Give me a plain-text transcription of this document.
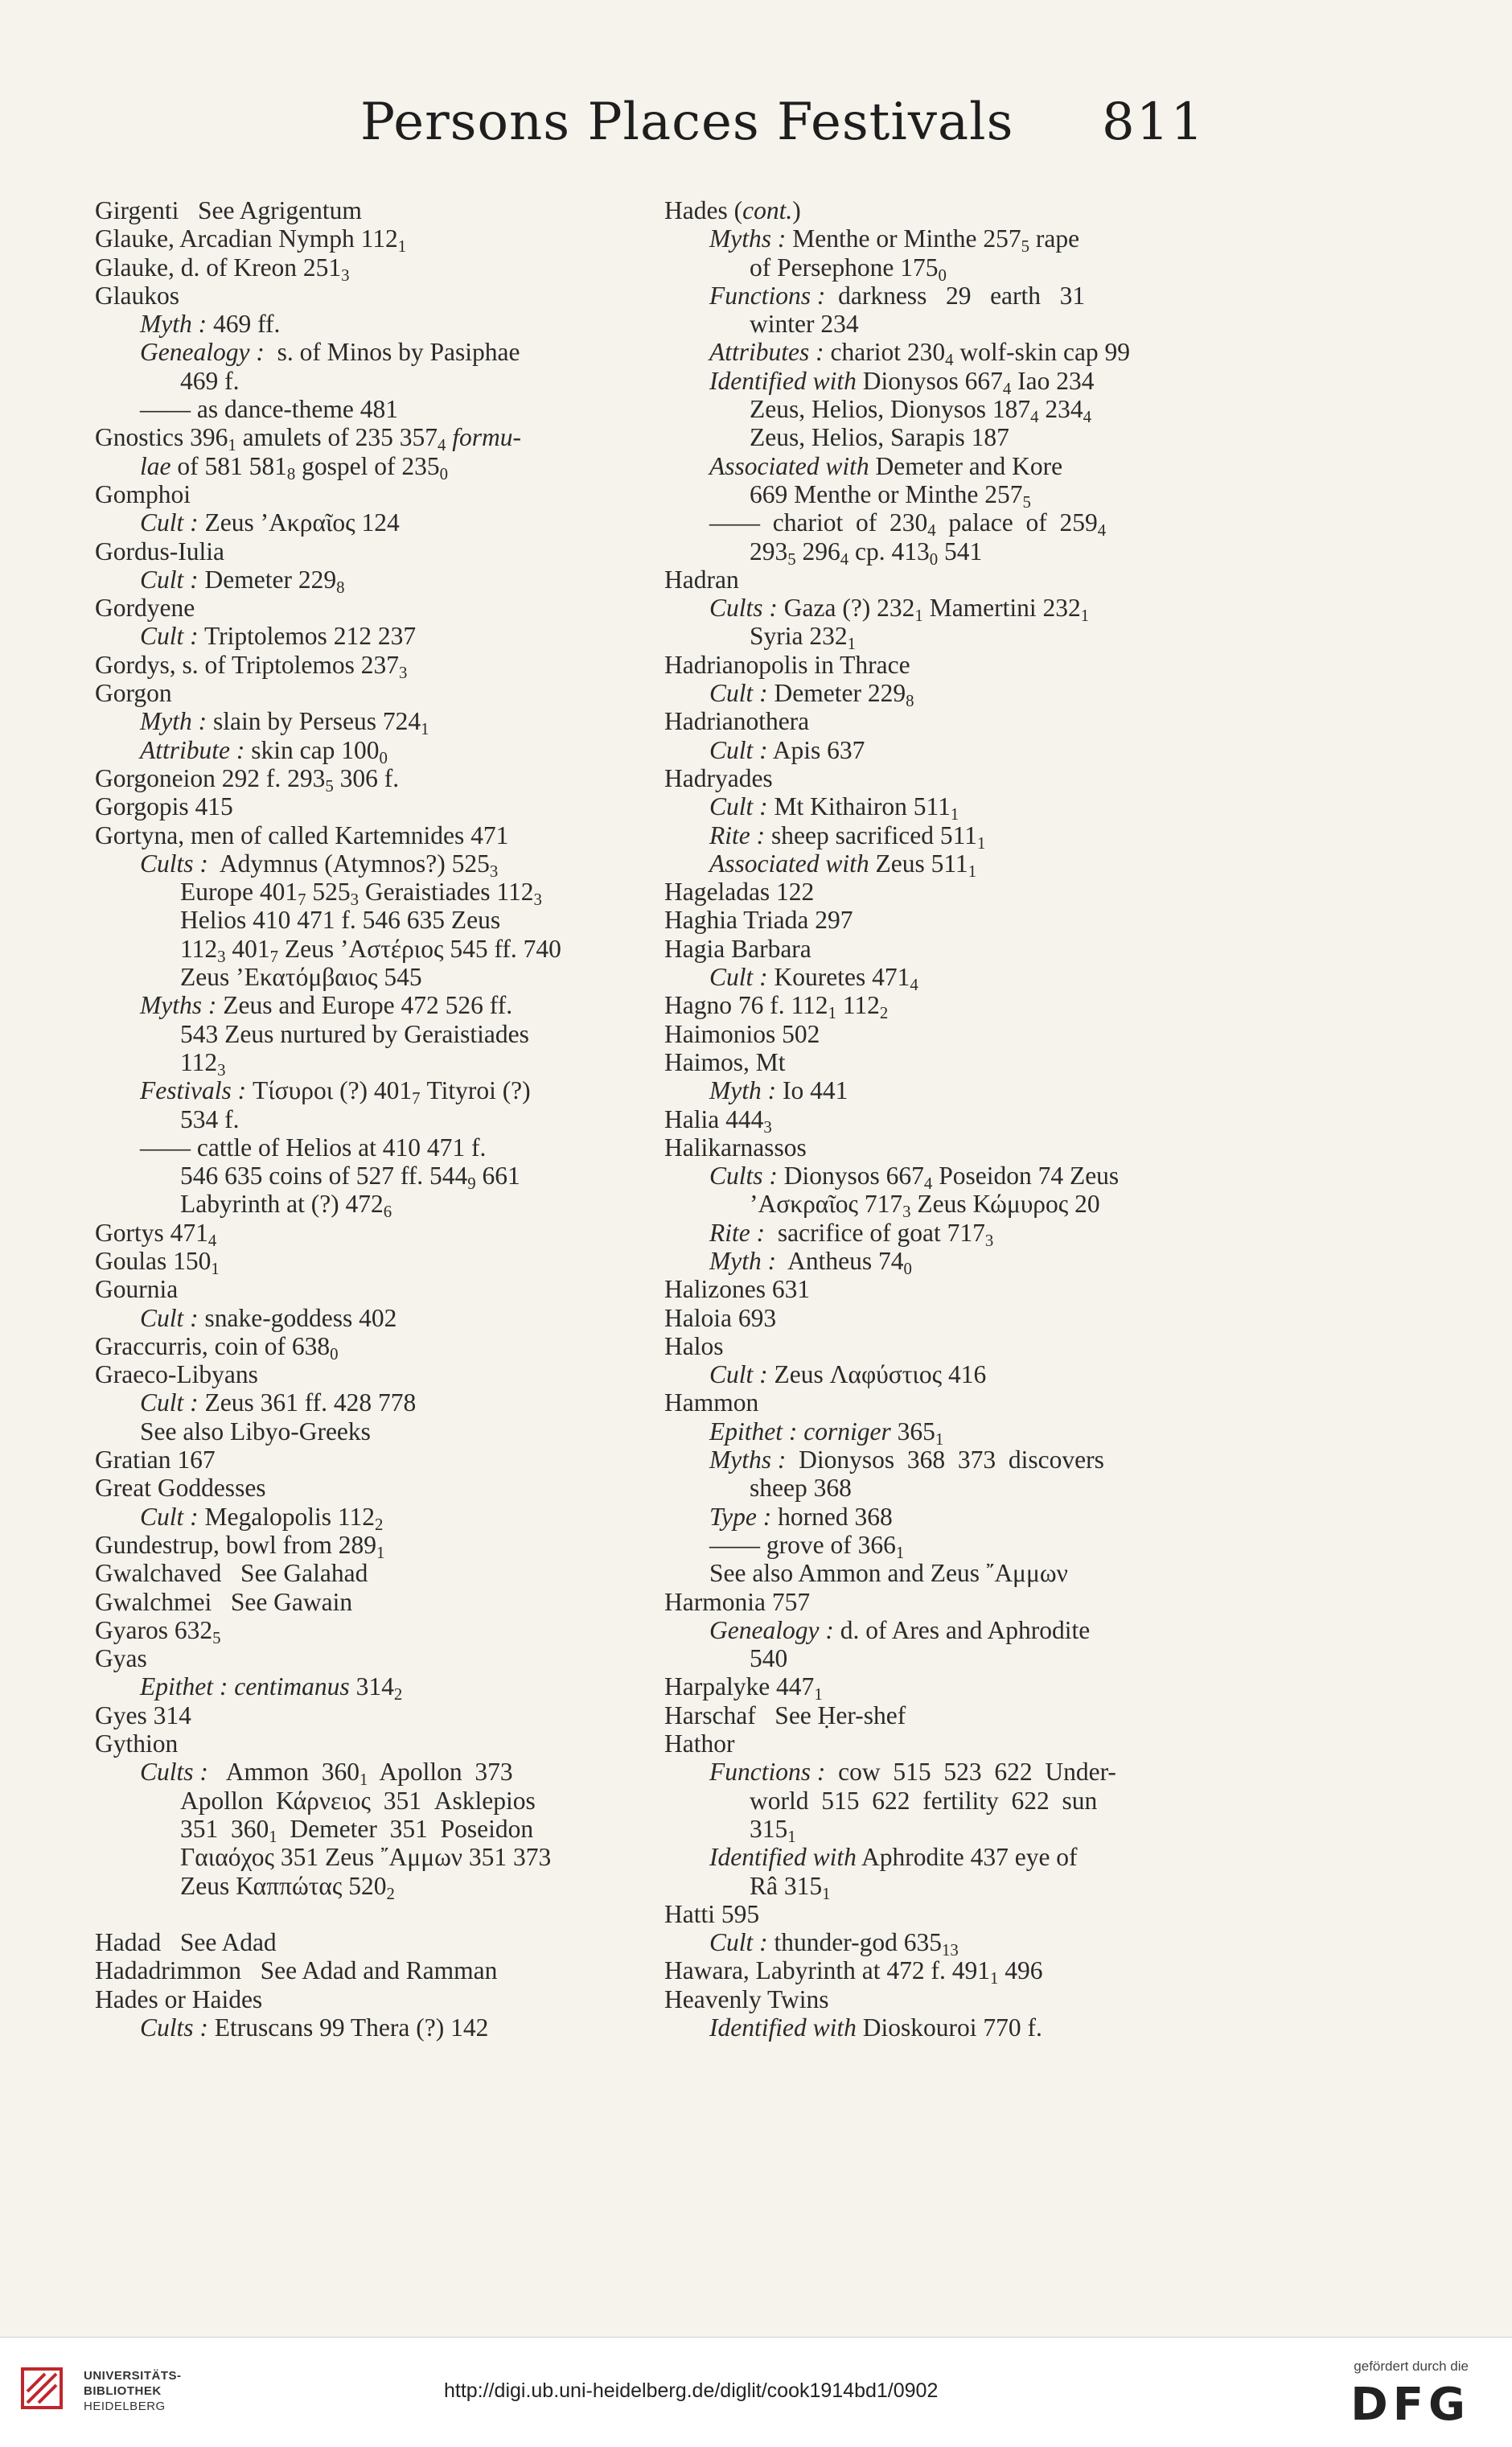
Persons Places Festivals 811
Girgenti   See Agrigentum
Glauke, Arcadian Nymph $112_1$
Glauke, d. of Kreon $251_3$
Glaukos
Myth : 469 ff.
Genealogy :  s. of Minos by Pasiphae
469 f.
—— as dance-theme 481
Gnostics $396_1$ amulets of 235 $357_4$ formu-
lae of 581 $581_8$ gospel of $235_0$
Gomphoi
Cult : Zeus ’Ακραῖος 124
Gordus-Iulia
Cult : Demeter $229_8$
Gordyene
Cult : Triptolemos 212 237
Gordys, s. of Triptolemos $237_3$
Gorgon
Myth : slain by Perseus $724_1$
Attribute : skin cap $100_0$
Gorgoneion 292 f. $293_5$ 306 f.
Gorgopis 415
Gortyna, men of called Kartemnides 471
Cults :  Adymnus (Atymnos?) $525_3$
Europe $401_7$ $525_3$ Geraistiades $112_3$
Helios 410 471 f. 546 635 Zeus
$112_3$ $401_7$ Zeus ’Αστέριος 545 ff. 740
Zeus ’Εκατόμβαιος 545
Myths : Zeus and Europe 472 526 ff.
543 Zeus nurtured by Geraistiades
$112_3$
Festivals : Τίσυροι (?) $401_7$ Tityroi (?)
534 f.
—— cattle of Helios at 410 471 f.
546 635 coins of 527 ff. $544_9$ 661
Labyrinth at (?) $472_6$
Gortys $471_4$
Goulas $150_1$
Gournia
Cult : snake-goddess 402
Graccurris, coin of $638_0$
Graeco-Libyans
Cult : Zeus 361 ff. 428 778
See also Libyo-Greeks
Gratian 167
Great Goddesses
Cult : Megalopolis $112_2$
Gundestrup, bowl from $289_1$
Gwalchaved   See Galahad
Gwalchmei   See Gawain
Gyaros $632_5$
Gyas
Epithet : centimanus $314_2$
Gyes 314
Gythion
Cults :   Ammon  $360_1$  Apollon  373
Apollon  Κάρνειος  351  Asklepios
351  $360_1$  Demeter  351  Poseidon
Γαιαόχος 351 Zeus ῎Αμμων 351 373
Zeus Καππώτας $520_2$
Hadad   See Adad
Hadadrimmon   See Adad and Ramman
Hades or Haides
Cults : Etruscans 99 Thera (?) 142
Hades (cont.)
Myths : Menthe or Minthe $257_5$ rape
of Persephone $175_0$
Functions :  darkness   29   earth   31
winter 234
Attributes : chariot $230_4$ wolf-skin cap 99
Identified with Dionysos $667_4$ Iao 234
Zeus, Helios, Dionysos $187_4$ $234_4$
Zeus, Helios, Sarapis 187
Associated with Demeter and Kore
669 Menthe or Minthe $257_5$
——  chariot  of  $230_4$  palace  of  $259_4$
$293_5$ $296_4$ cp. $413_0$ 541
Hadran
Cults : Gaza (?) $232_1$ Mamertini $232_1$
Syria $232_1$
Hadrianopolis in Thrace
Cult : Demeter $229_8$
Hadrianothera
Cult : Apis 637
Hadryades
Cult : Mt Kithairon $511_1$
Rite : sheep sacrificed $511_1$
Associated with Zeus $511_1$
Hageladas 122
Haghia Triada 297
Hagia Barbara
Cult : Kouretes $471_4$
Hagno 76 f. $112_1$ $112_2$
Haimonios 502
Haimos, Mt
Myth : Io 441
Halia $444_3$
Halikarnassos
Cults : Dionysos $667_4$ Poseidon 74 Zeus
’Ασκραῖος $717_3$ Zeus Κώμυρος 20
Rite :  sacrifice of goat $717_3$
Myth :  Antheus $74_0$
Halizones 631
Haloia 693
Halos
Cult : Zeus Λαφύστιος 416
Hammon
Epithet : corniger $365_1$
Myths :  Dionysos  368  373  discovers
sheep 368
Type : horned 368
—— grove of $366_1$
See also Ammon and Zeus ῎Αμμων
Harmonia 757
Genealogy : d. of Ares and Aphrodite
540
Harpalyke $447_1$
Harschaf   See Ḥer-shef
Hathor
Functions :  cow  515  523  622  Under-
world  515  622  fertility  622  sun
$315_1$
Identified with Aphrodite 437 eye of
Râ $315_1$
Hatti 595
Cult : thunder-god $635_{13}$
Hawara, Labyrinth at 472 f. $491_1$ 496
Heavenly Twins
Identified with Dioskouroi 770 f.
UNIVERSITÄTS-
BIBLIOTHEK
HEIDELBERG
http://digi.ub.uni-heidelberg.de/diglit/cook1914bd1/0902
gefördert durch die
DFG
